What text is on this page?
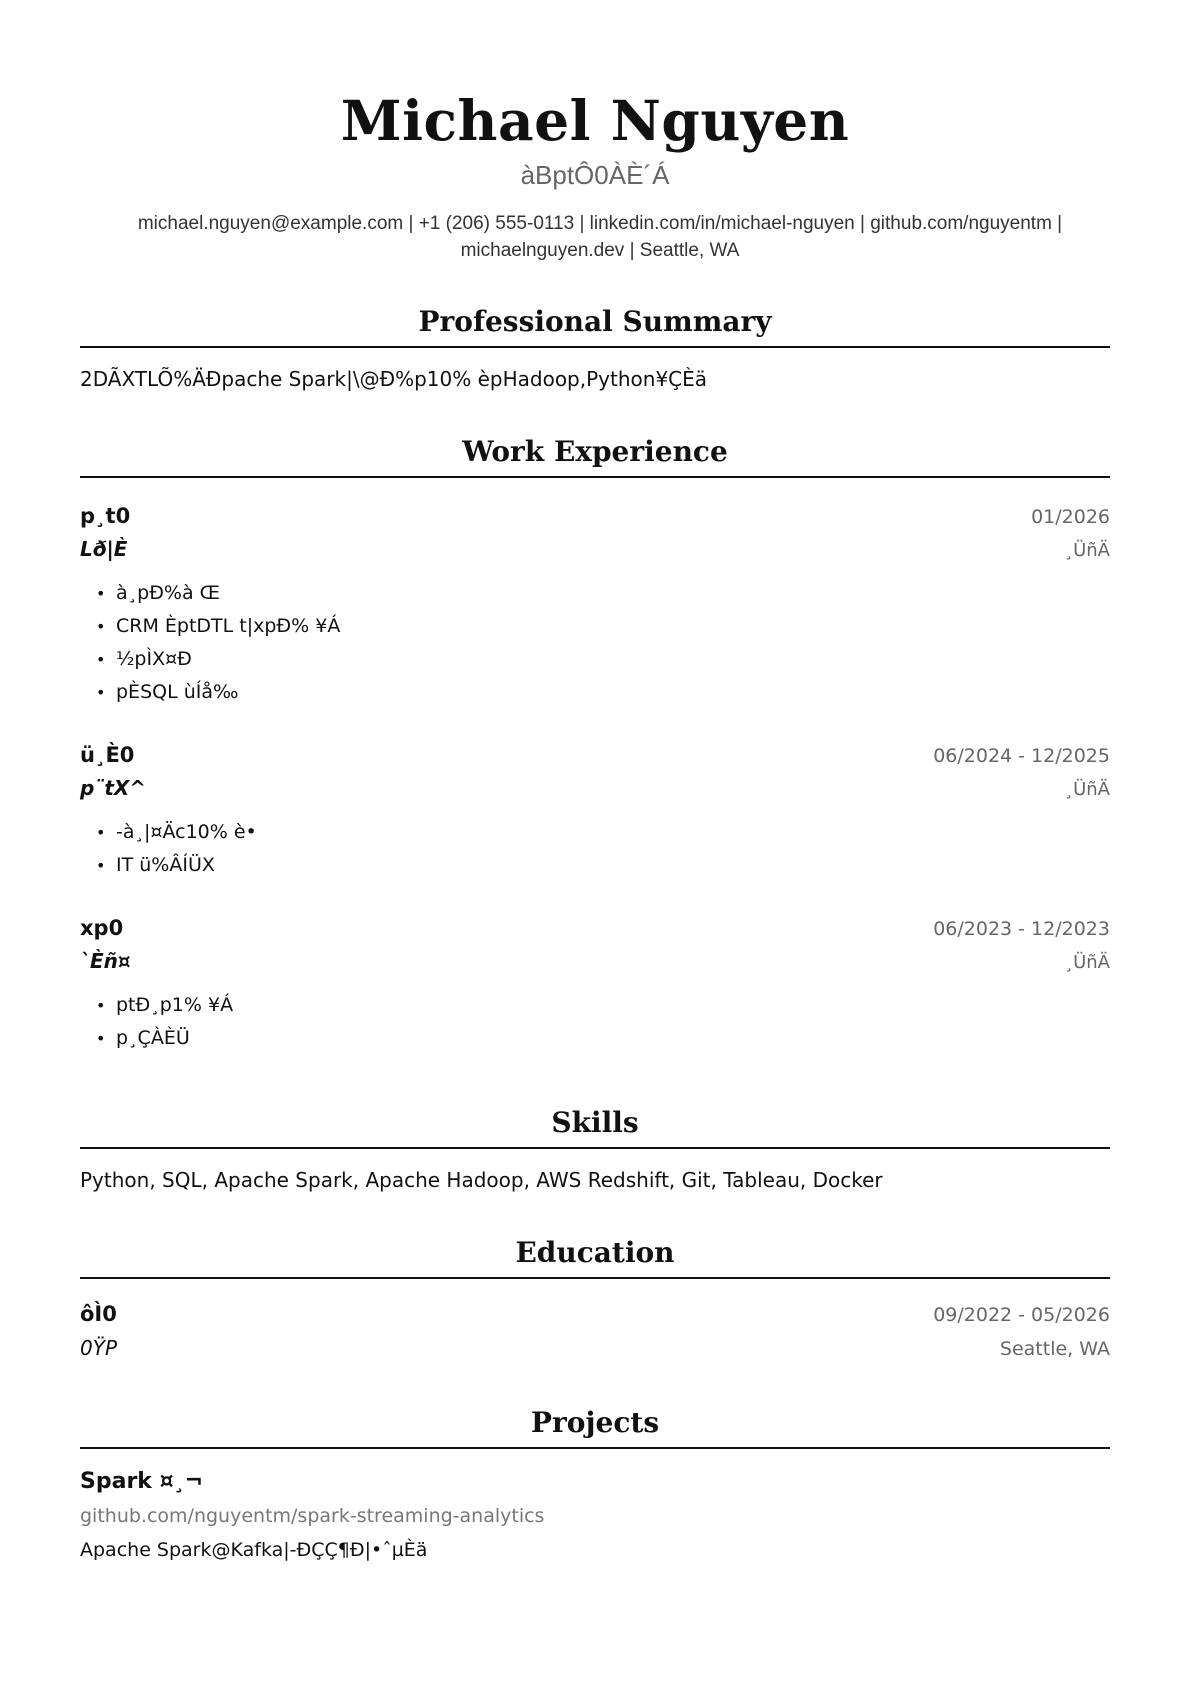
Michael Nguyen
àBptÔ0ÀÈ´Á
michael.nguyen@example.com | +1 (206) 555-0113 | linkedin.com/in/michael-nguyen | github.com/nguyentm | michaelnguyen.dev | Seattle, WA
Professional Summary
2DÃXTLÕ%ÄÐpache Spark|\@Ð%p10% èpHadoop,Python¥ÇÈä
Work Experience
p¸t0	01/2026
Lð|È	¸ÜñÄ
• à¸pÐ%à Œ
• CRM ÈptDTL t|xpÐ% ¥Á
• ½pÌX¤Ð
• pÈSQL ùÍå‰
ü¸È0	06/2024 - 12/2025
p¨tX^	¸ÜñÄ
• -à¸|¤Äc10% è•
• IT ü%ÂÍÜX
xp0	06/2023 - 12/2023
`Èñ¤	¸ÜñÄ
• ptÐ¸p1% ¥Á
• p¸ÇÀÈÜ
Skills
Python, SQL, Apache Spark, Apache Hadoop, AWS Redshift, Git, Tableau, Docker
Education
ôÌ0	09/2022 - 05/2026
0ŸP	Seattle, WA
Projects
Spark ¤¸¬
github.com/nguyentm/spark-streaming-analytics
Apache Spark@Kafka|-ÐÇÇ¶Ð|•ˆµÈä
